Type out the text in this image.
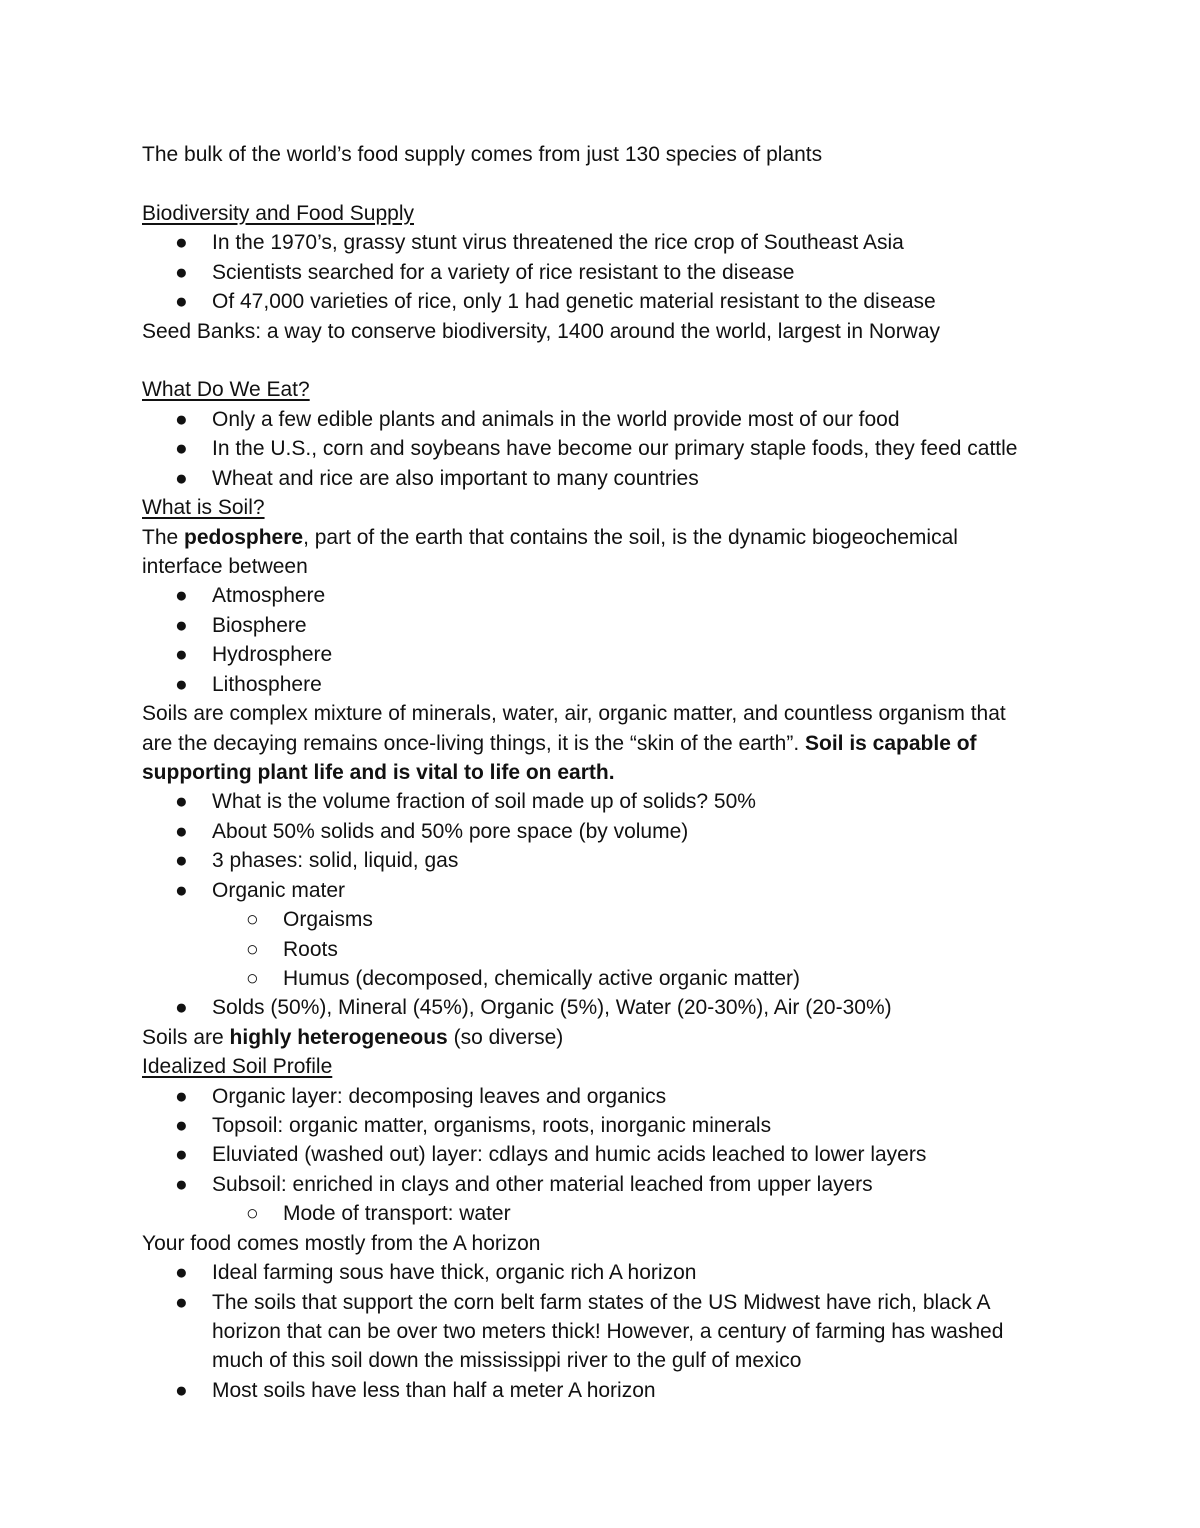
The bulk of the world’s food supply comes from just 130 species of plants
Biodiversity and Food Supply
● In the 1970’s, grassy stunt virus threatened the rice crop of Southeast Asia
● Scientists searched for a variety of rice resistant to the disease
● Of 47,000 varieties of rice, only 1 had genetic material resistant to the disease
Seed Banks: a way to conserve biodiversity, 1400 around the world, largest in Norway
What Do We Eat?
● Only a few edible plants and animals in the world provide most of our food
● In the U.S., corn and soybeans have become our primary staple foods, they feed cattle
● Wheat and rice are also important to many countries
What is Soil?
The pedosphere, part of the earth that contains the soil, is the dynamic biogeochemical
interface between
● Atmosphere
● Biosphere
● Hydrosphere
● Lithosphere
Soils are complex mixture of minerals, water, air, organic matter, and countless organism that
are the decaying remains once-living things, it is the “skin of the earth”. Soil is capable of
supporting plant life and is vital to life on earth.
● What is the volume fraction of soil made up of solids? 50%
● About 50% solids and 50% pore space (by volume)
● 3 phases: solid, liquid, gas
● Organic mater
○ Orgaisms
○ Roots
○ Humus (decomposed, chemically active organic matter)
● Solds (50%), Mineral (45%), Organic (5%), Water (20-30%), Air (20-30%)
Soils are highly heterogeneous (so diverse)
Idealized Soil Profile
● Organic layer: decomposing leaves and organics
● Topsoil: organic matter, organisms, roots, inorganic minerals
● Eluviated (washed out) layer: cdlays and humic acids leached to lower layers
● Subsoil: enriched in clays and other material leached from upper layers
○ Mode of transport: water
Your food comes mostly from the A horizon
● Ideal farming sous have thick, organic rich A horizon
● The soils that support the corn belt farm states of the US Midwest have rich, black A
horizon that can be over two meters thick! However, a century of farming has washed
much of this soil down the mississippi river to the gulf of mexico
● Most soils have less than half a meter A horizon
